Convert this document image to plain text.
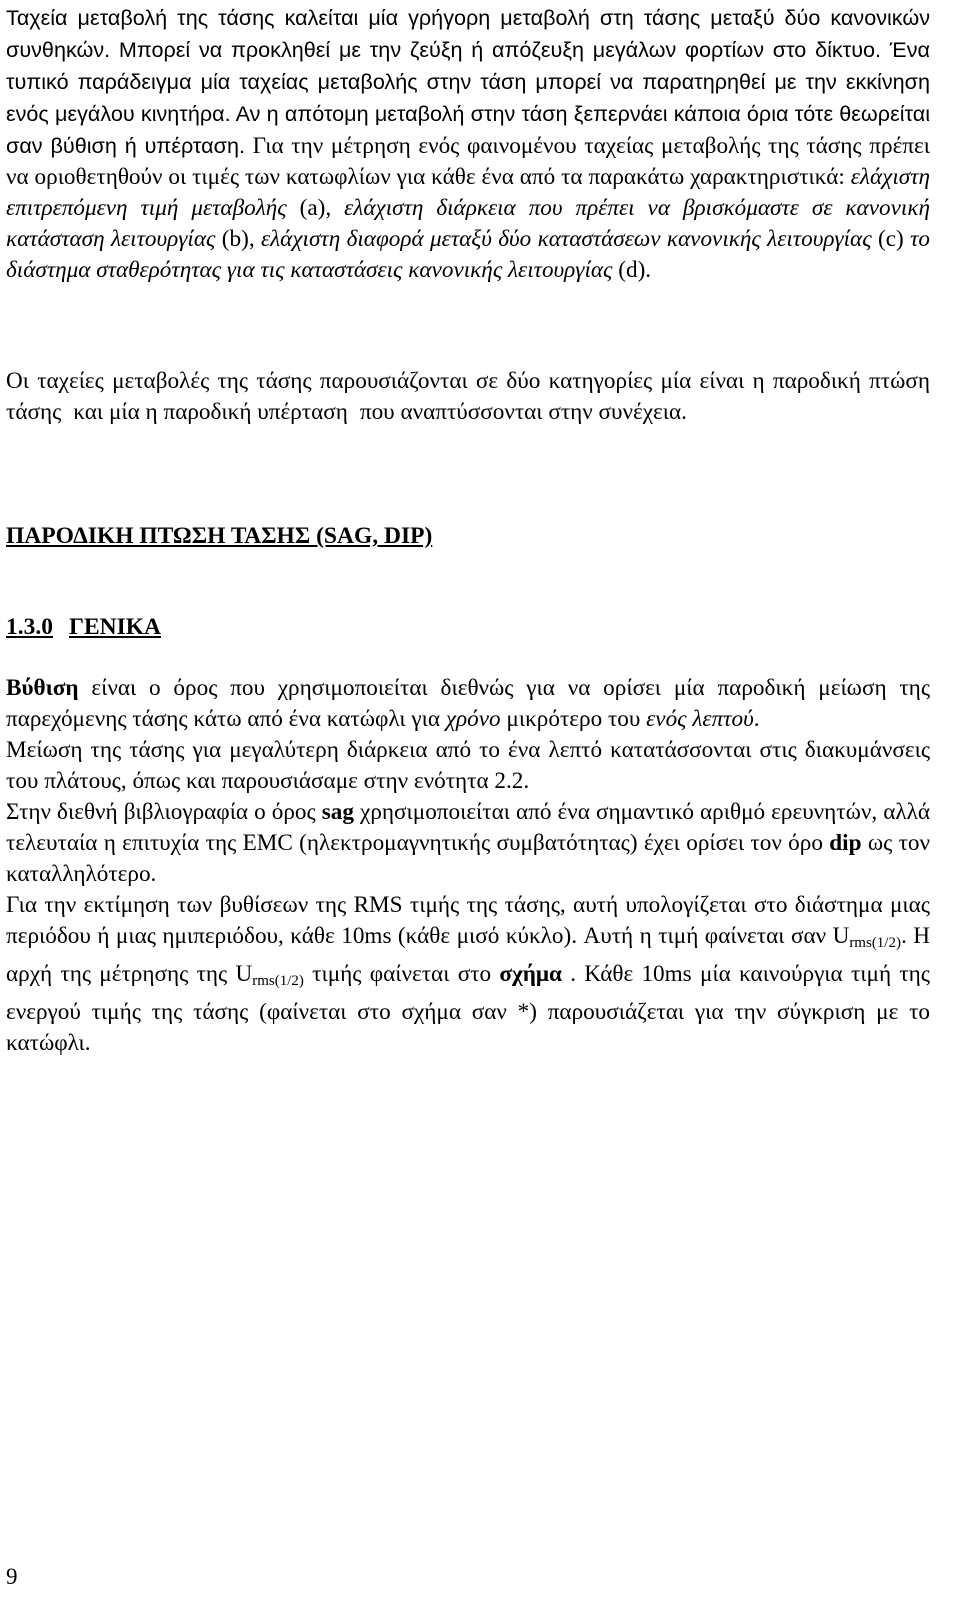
Ταχεία μεταβολή της τάσης καλείται μία γρήγορη μεταβολή στη τάσης μεταξύ δύο κανονικών συνθηκών. Μπορεί να προκληθεί με την ζεύξη ή απόζευξη μεγάλων φορτίων στο δίκτυο. Ένα τυπικό παράδειγμα μία ταχείας μεταβολής στην τάση μπορεί να παρατηρηθεί με την εκκίνηση ενός μεγάλου κινητήρα. Αν η απότομη μεταβολή στην τάση ξεπερνάει κάποια όρια τότε θεωρείται σαν βύθιση ή υπέρταση. Για την μέτρηση ενός φαινομένου ταχείας μεταβολής της τάσης πρέπει να οριοθετηθούν οι τιμές των κατωφλίων για κάθε ένα από τα παρακάτω χαρακτηριστικά: ελάχιστη επιτρεπόμενη τιμή μεταβολής (a), ελάχιστη διάρκεια που πρέπει να βρισκόμαστε σε κανονική κατάσταση λειτουργίας (b), ελάχιστη διαφορά μεταξύ δύο καταστάσεων κανονικής λειτουργίας (c) το διάστημα σταθερότητας για τις καταστάσεις κανονικής λειτουργίας (d).

Οι ταχείες μεταβολές της τάσης παρουσιάζονται σε δύο κατηγορίες μία είναι η παροδική πτώση τάσης και μία η παροδική υπέρταση που αναπτύσσονται στην συνέχεια.

ΠΑΡΟΔΙΚΗ ΠΤΩΣΗ ΤΑΣΗΣ (SAG, DIP)
1.3.0 ΓΕΝΙΚΑ

Βύθιση είναι ο όρος που χρησιμοποιείται διεθνώς για να ορίσει μία παροδική μείωση της παρεχόμενης τάσης κάτω από ένα κατώφλι για χρόνο μικρότερο του ενός λεπτού.

Μείωση της τάσης για μεγαλύτερη διάρκεια από το ένα λεπτό κατατάσσονται στις διακυμάνσεις του πλάτους, όπως και παρουσιάσαμε στην ενότητα 2.2.

Στην διεθνή βιβλιογραφία ο όρος sag χρησιμοποιείται από ένα σημαντικό αριθμό ερευνητών, αλλά τελευταία η επιτυχία της EMC (ηλεκτρομαγνητικής συμβατότητας) έχει ορίσει τον όρο dip ως τον καταλληλότερο.

Για την εκτίμηση των βυθίσεων της RMS τιμής της τάσης, αυτή υπολογίζεται στο διάστημα μιας περιόδου ή μιας ημιπεριόδου, κάθε 10ms (κάθε μισό κύκλο). Αυτή η τιμή φαίνεται σαν $U_{rms(1/2)}$. Η αρχή της μέτρησης της $U_{rms(1/2)}$ τιμής φαίνεται στο σχήμα . Κάθε 10ms μία καινούργια τιμή της ενεργού τιμής της τάσης (φαίνεται στο σχήμα σαν *) παρουσιάζεται για την σύγκριση με το κατώφλι.

9
